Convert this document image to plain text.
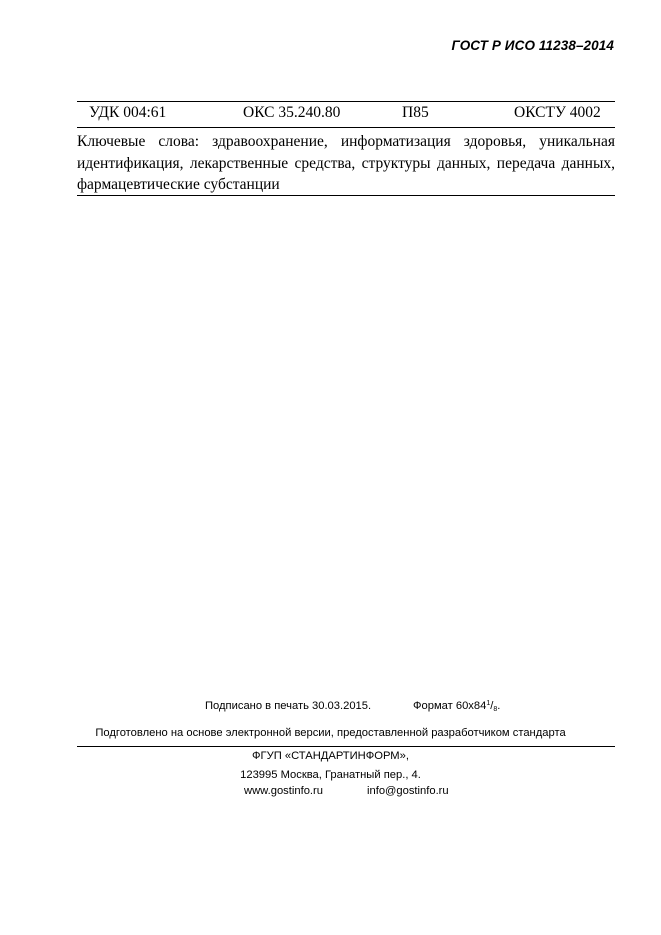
ГОСТ Р ИСО 11238–2014
УДК 004:61	ОКС 35.240.80	П85	ОКСТУ 4002

Ключевые слова: здравоохранение, информатизация здоровья, уникальная идентификация, лекарственные средства, структуры данных, передача данных, фармацевтические субстанции

Подписано в печать 30.03.2015.	Формат $60х84^1/_8$.
Подготовлено на основе электронной версии, предоставленной разработчиком стандарта
ФГУП «СТАНДАРТИНФОРМ»,
123995 Москва, Гранатный пер., 4.
www.gostinfo.ru	info@gostinfo.ru
